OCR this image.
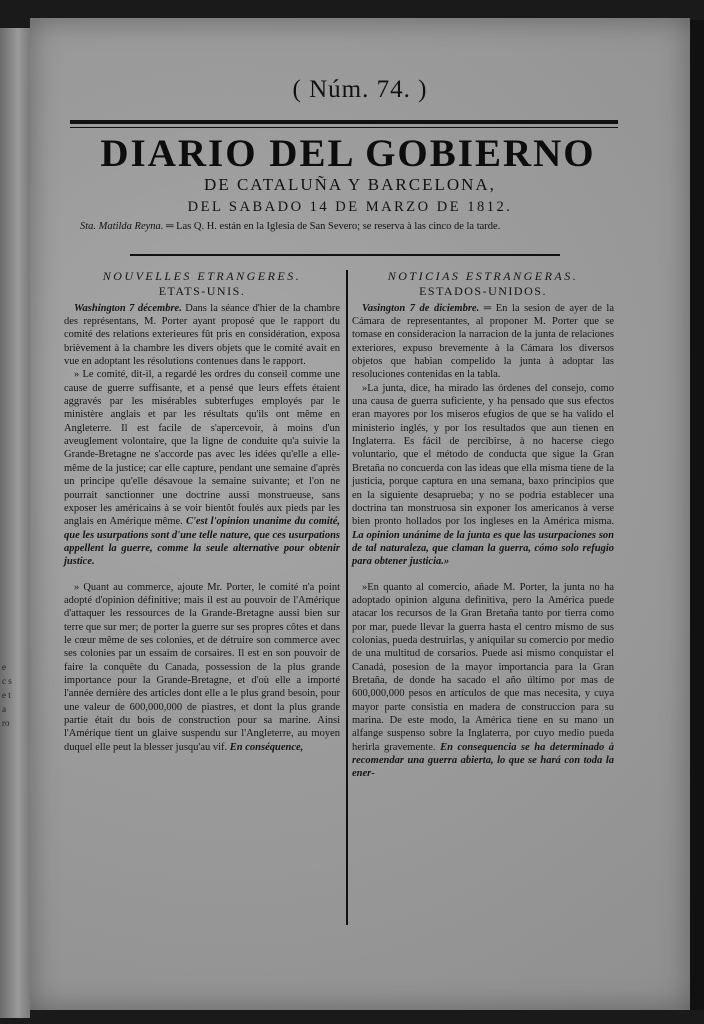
e c s e t a ro
( Núm. 74. )
DIARIO DEL GOBIERNO
DE CATALUÑA Y BARCELONA,
DEL SABADO 14 DE MARZO DE 1812.
Sta. Matilda Reyna. ═ Las Q. H. están en la Iglesia de San Severo; se reserva à las cinco de la tarde.
NOUVELLES ETRANGERES.
ETATS-UNIS.

Washington 7 décembre. Dans la séance d'hier de la chambre des représentans, M. Porter ayant proposé que le rapport du comité des relations exterieures fût pris en considération, exposa brièvement à la chambre les divers objets que le comité avait en vue en adoptant les résolutions contenues dans le rapport.

» Le comité, dit-il, a regardé les ordres du conseil comme une cause de guerre suffisante, et a pensé que leurs effets étaient aggravés par les misérables subterfuges employés par le ministère anglais et par les résultats qu'ils ont même en Angleterre. Il est facile de s'apercevoir, à moins d'un aveuglement volontaire, que la ligne de conduite qu'a suivie la Grande-Bretagne ne s'accorde pas avec les idées qu'elle a elle-même de la justice; car elle capture, pendant une semaine d'après un principe qu'elle désavoue la semaine suivante; et l'on ne pourrait sanctionner une doctrine aussi monstrueuse, sans exposer les américains à se voir bientôt foulés aux pieds par les anglais en Amérique même. C'est l'opinion unanime du comité, que les usurpations sont d'une telle nature, que ces usurpations appellent la guerre, comme la seule alternative pour obtenir justice.

» Quant au commerce, ajoute Mr. Porter, le comité n'a point adopté d'opinion définitive; mais il est au pouvoir de l'Amérique d'attaquer les ressources de la Grande-Bretagne aussi bien sur terre que sur mer; de porter la guerre sur ses propres côtes et dans le cœur même de ses colonies, et de détruire son commerce avec ses colonies par un essaim de corsaires. Il est en son pouvoir de faire la conquête du Canada, possession de la plus grande importance pour la Grande-Bretagne, et d'où elle a importé l'année dernière des articles dont elle a le plus grand besoin, pour une valeur de 600,000,000 de piastres, et dont la plus grande partie était du bois de construction pour sa marine. Ainsi l'Amérique tient un glaive suspendu sur l'Angleterre, au moyen duquel elle peut la blesser jusqu'au vif. En conséquence,

NOTICIAS ESTRANGERAS.
ESTADOS-UNIDOS.

Vasington 7 de diciembre. ═ En la sesion de ayer de la Cámara de representantes, al proponer M. Porter que se tomase en consideracion la narracion de la junta de relaciones exteriores, expuso brevemente à la Cámara los diversos objetos que habian compelido la junta à adoptar las resoluciones contenidas en la tabla.

»La junta, dice, ha mirado las órdenes del consejo, como una causa de guerra suficiente, y ha pensado que sus efectos eran mayores por los miseros efugios de que se ha valido el ministerio inglés, y por los resultados que aun tienen en Inglaterra. Es fácil de percibirse, à no hacerse ciego voluntario, que el método de conducta que sigue la Gran Bretaña no concuerda con las ideas que ella misma tiene de la justicia, porque captura en una semana, baxo principios que en la siguiente desaprueba; y no se podria establecer una doctrina tan monstruosa sin exponer los americanos à verse bien pronto hollados por los ingleses en la América misma. La opinion unánime de la junta es que las usurpaciones son de tal naturaleza, que claman la guerra, cómo solo refugio para obtener justicia.»

»En quanto al comercio, añade M. Porter, la junta no ha adoptado opinion alguna definitiva, pero la América puede atacar los recursos de la Gran Bretaña tanto por tierra como por mar, puede llevar la guerra hasta el centro mismo de sus colonias, pueda destruirlas, y aniquilar su comercio por medio de una multitud de corsarios. Puede asi mismo conquistar el Canadá, posesion de la mayor importancia para la Gran Bretaña, de donde ha sacado el año último por mas de 600,000,000 pesos en artículos de que mas necesita, y cuya mayor parte consistia en madera de construccion para su marina. De este modo, la América tiene en su mano un alfange suspenso sobre la Inglaterra, por cuyo medio pueda herirla gravemente. En consequencia se ha determinado à recomendar una guerra abierta, lo que se hará con toda la ener-
